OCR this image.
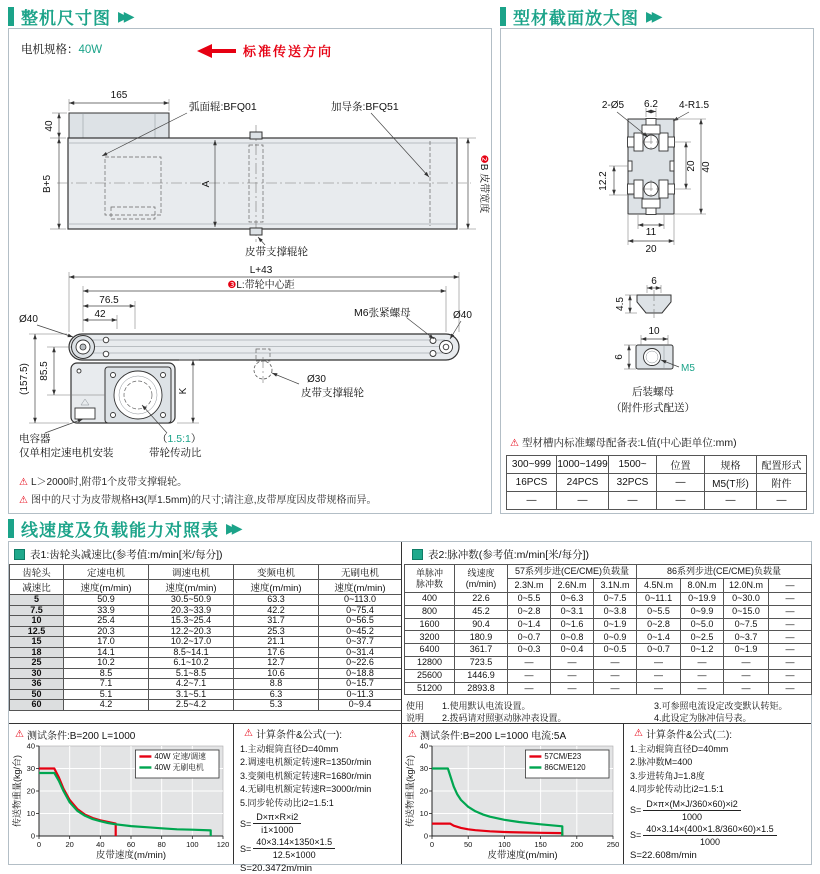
整机尺寸图 ▶▶
电机规格：40W	标准传送方向
165
40
B+5	A
❷B 皮带宽度
弧面辊:BFQ01	加导条:BFQ51
皮带支撑辊轮
L+43
❸L:带轮中心距
76.5
42
(157.5) 85.5
K
Ø40	Ø40
M6张紧螺母
Ø30
皮带支撑辊轮
电容器
仅单相定速电机安装
（1.5:1）
带轮传动比
⚠ L＞2000时,附带1个皮带支撑辊轮。
⚠ 图中的尺寸为皮带规格H3(厚1.5mm)的尺寸;请注意,皮带厚度因皮带规格而异。
型材截面放大图 ▶▶
2-Ø5 6.2 4-R1.5
12.2
20 40
11
20
6
4.5
10
6
M5
后装螺母
（附件形式配送）
⚠ 型材槽内标准螺母配备表:L值(中心距单位:mm)
300~999	1000~1499	1500~	位置	规格	配置形式
16PCS	24PCS	32PCS	—	M5(T形)	附件
—	—	—	—	—	—
线速度及负载能力对照表 ▶▶
表1:齿轮头减速比(参考值:m/min[米/每分])
齿轮头	定速电机	调速电机	变频电机	无刷电机
减速比	速度(m/min)	速度(m/min)	速度(m/min)	速度(m/min)
5	50.9	30.5~50.9	63.3	0~113.0
7.5	33.9	20.3~33.9	42.2	0~75.4
10	25.4	15.3~25.4	31.7	0~56.5
12.5	20.3	12.2~20.3	25.3	0~45.2
15	17.0	10.2~17.0	21.1	0~37.7
18	14.1	8.5~14.1	17.6	0~31.4
25	10.2	6.1~10.2	12.7	0~22.6
30	8.5	5.1~8.5	10.6	0~18.8
36	7.1	4.2~7.1	8.8	0~15.7
50	5.1	3.1~5.1	6.3	0~11.3
60	4.2	2.5~4.2	5.3	0~9.4
表2:脉冲数(参考值:m/min[米/每分])
单脉冲
脉冲数

线速度
(m/min)
	57系列步进(CE/CME)负载量	86系列步进(CE/CME)负载量
		2.3N.m	2.6N.m	3.1N.m	4.5N.m	8.0N.m	12.0N.m	—
400	22.6	0~5.5	0~6.3	0~7.5	0~11.1	0~19.9	0~30.0	—
800	45.2	0~2.8	0~3.1	0~3.8	0~5.5	0~9.9	0~15.0	—
1600	90.4	0~1.4	0~1.6	0~1.9	0~2.8	0~5.0	0~7.5	—
3200	180.9	0~0.7	0~0.8	0~0.9	0~1.4	0~2.5	0~3.7	—
6400	361.7	0~0.3	0~0.4	0~0.5	0~0.7	0~1.2	0~1.9	—
12800	723.5	—	—	—	—	—	—	—
25600	1446.9	—	—	—	—	—	—	—
51200	2893.8	—	—	—	—	—	—	—
使用	1.使用默认电流设置。	3.可参照电流设定改变默认转矩。
说明	2.拨码请对照驱动脉冲表设置。	4.此设定为脉冲信号表。
⚠ 测试条件:B=200 L=1000
0	20	40	60	80	100 120
0
10
20
30
40
皮带速度(m/min)
传送物重量(kg/台)	40W 定速/调速
40W 无刷电机
⚠ 计算条件&公式(一):
1.主动辊筒直径D=40mm
2.调速电机额定转速R=1350r/min
3.变频电机额定转速R=1680r/min
4.无刷电机额定转速R=3000r/min
5.同步轮传动比i2=1.5:1
$S= \frac{D\times\pi\times R\times i2}{i1\times 1000}$
$S= \frac{40\times 3.14\times 1350\times 1.5}{12.5\times 1000}$
S=20.3472m/min
⚠ 测试条件:B=200 L=1000 电流:5A
0	50	100	150	200	250
0
10
20
30
40
皮带速度(m/min)
传送物重量(kg/台)	57CM/E23
86CM/E120
⚠ 计算条件&公式(二):
1.主动辊筒直径D=40mm
2.脉冲数M=400
3.步进转角J=1.8度
4.同步轮传动比i2=1.5:1
$S= \frac{D\times\pi\times(M\times J/360\times 60)\times i2}{1000}$
$S= \frac{40\times 3.14\times(400\times 1.8/360\times 60)\times 1.5}{1000}$
S=22.608m/min
